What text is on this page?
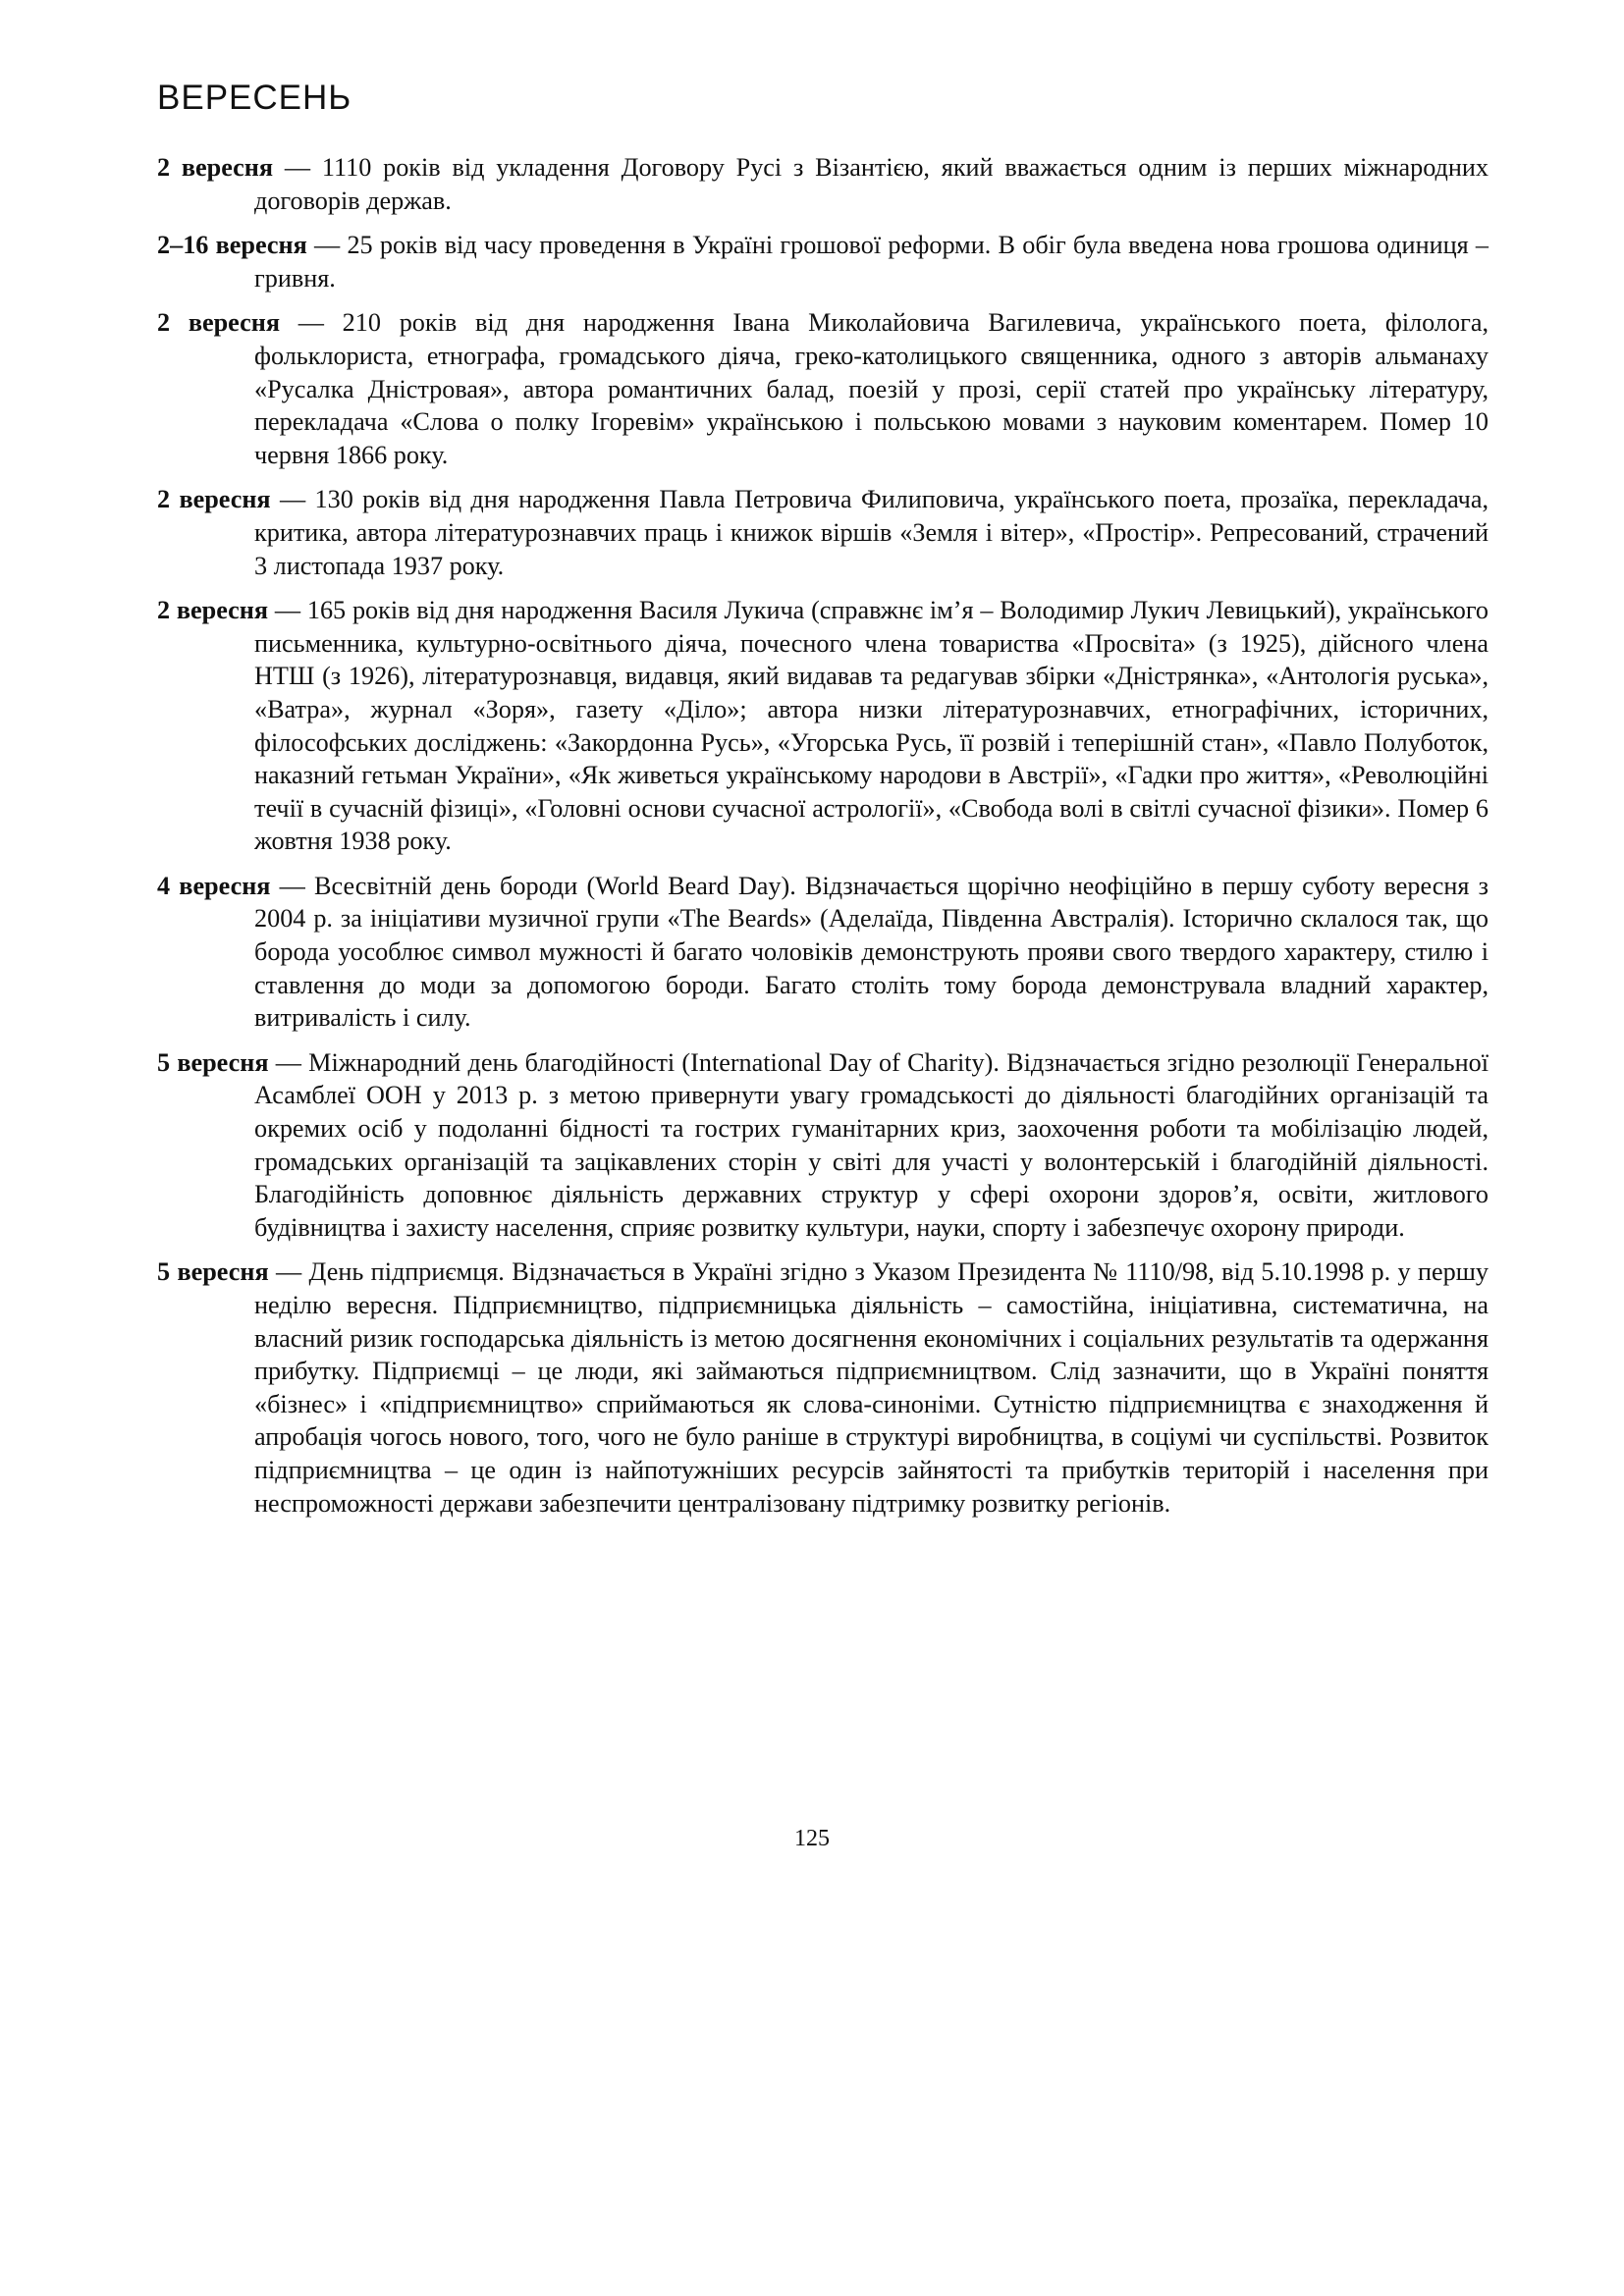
ВЕРЕСЕНЬ

2 вересня — 1110 років від укладення Договору Русі з Візантією, який вважається одним із перших міжнародних договорів держав.

2–16 вересня — 25 років від часу проведення в Україні грошової реформи. В обіг була введена нова грошова одиниця – гривня.

2 вересня — 210 років від дня народження Івана Миколайовича Вагилевича, українського поета, філолога, фольклориста, етнографа, громадського діяча, греко-католицького священника, одного з авторів альманаху «Русалка Дністровая», автора романтичних балад, поезій у прозі, серії статей про українську літературу, перекладача «Слова о полку Ігоревім» українською і польською мовами з науковим коментарем. Помер 10 червня 1866 року.

2 вересня — 130 років від дня народження Павла Петровича Филиповича, українського поета, прозаїка, перекладача, критика, автора літературознавчих праць і книжок віршів «Земля і вітер», «Простір». Репресований, страчений 3 листопада 1937 року.

2 вересня — 165 років від дня народження Василя Лукича (справжнє ім’я – Володимир Лукич Левицький), українського письменника, культурно-освітнього діяча, почесного члена товариства «Просвіта» (з 1925), дійсного члена НТШ (з 1926), літературознавця, видавця, який видавав та редагував збірки «Дністрянка», «Антологія руська», «Ватра», журнал «Зоря», газету «Діло»; автора низки літературознавчих, етнографічних, історичних, філософських досліджень: «Закордонна Русь», «Угорська Русь, її розвій і теперішній стан», «Павло Полуботок, наказний гетьман України», «Як живеться українському народови в Австрії», «Гадки про життя», «Революційні течії в сучасній фізиці», «Головні основи сучасної астрології», «Свобода волі в світлі сучасної фізики». Помер 6 жовтня 1938 року.

4 вересня — Всесвітній день бороди (World Beard Day). Відзначається щорічно неофіційно в першу суботу вересня з 2004 р. за ініціативи музичної групи «The Beards» (Аделаїда, Південна Австралія). Історично склалося так, що борода уособлює символ мужності й багато чоловіків демонструють прояви свого твердого характеру, стилю і ставлення до моди за допомогою бороди. Багато століть тому борода демонструвала владний характер, витривалість і силу.

5 вересня — Міжнародний день благодійності (International Day of Charity). Відзначається згідно резолюції Генеральної Асамблеї ООН у 2013 р. з метою привернути увагу громадськості до діяльності благодійних організацій та окремих осіб у подоланні бідності та гострих гуманітарних криз, заохочення роботи та мобілізацію людей, громадських організацій та зацікавлених сторін у світі для участі у волонтерській і благодійній діяльності. Благодійність доповнює діяльність державних структур у сфері охорони здоров’я, освіти, житлового будівництва і захисту населення, сприяє розвитку культури, науки, спорту і забезпечує охорону природи.

5 вересня — День підприємця. Відзначається в Україні згідно з Указом Президента № 1110/98, від 5.10.1998 р. у першу неділю вересня. Підприємництво, підприємницька діяльність – самостійна, ініціативна, систематична, на власний ризик господарська діяльність із метою досягнення економічних і соціальних результатів та одержання прибутку. Підприємці – це люди, які займаються підприємництвом. Слід зазначити, що в Україні поняття «бізнес» і «підприємництво» сприймаються як слова-синоніми. Сутністю підприємництва є знаходження й апробація чогось нового, того, чого не було раніше в структурі виробництва, в соціумі чи суспільстві. Розвиток підприємництва – це один із найпотужніших ресурсів зайнятості та прибутків територій і населення при неспроможності держави забезпечити централізовану підтримку розвитку регіонів.

125
